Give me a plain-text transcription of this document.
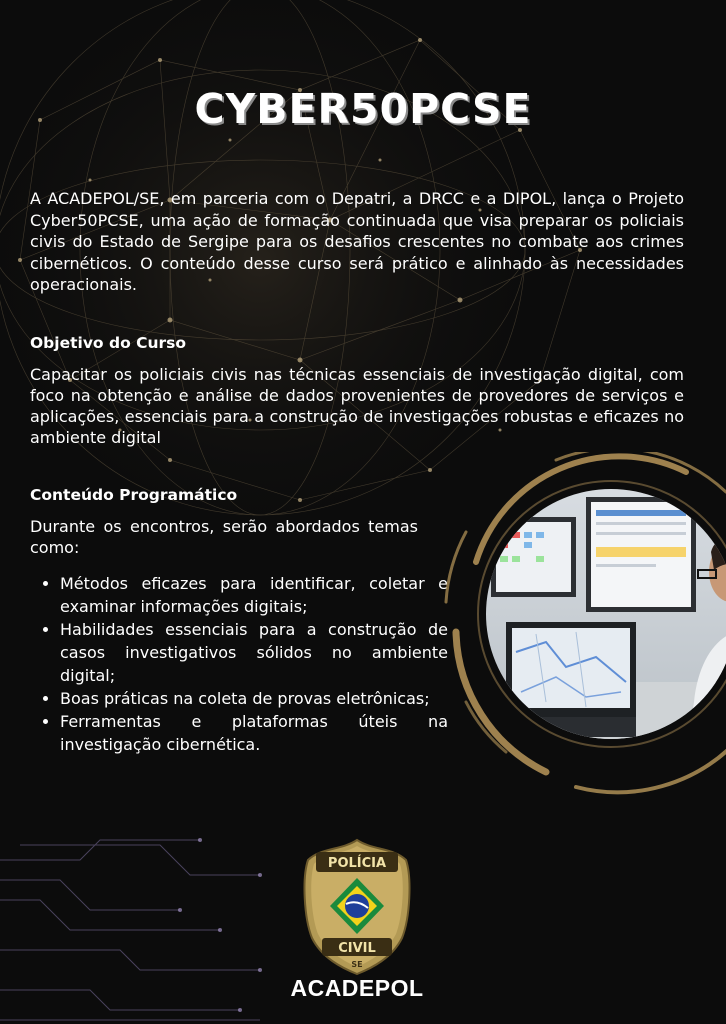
CYBER50PCSE

A ACADEPOL/SE, em parceria com o Depatri, a DRCC e a DIPOL, lança o Projeto Cyber50PCSE, uma ação de formação continuada que visa preparar os policiais civis do Estado de Sergipe para os desafios crescentes no combate aos crimes cibernéticos. O conteúdo desse curso será prático e alinhado às necessidades operacionais.

Objetivo do Curso

Capacitar os policiais civis nas técnicas essenciais de investigação digital, com foco na obtenção e análise de dados provenientes de provedores de serviços e aplicações, essenciais para a construção de investigações robustas e eficazes no ambiente digital

Conteúdo Programático

Durante os encontros, serão abordados temas como:

• Métodos eficazes para identificar, coletar e examinar informações digitais;
• Habilidades essenciais para a construção de casos investigativos sólidos no ambiente digital;
• Boas práticas na coleta de provas eletrônicas;
• Ferramentas e plataformas úteis na investigação cibernética.
POLÍCIA
CIVIL
SE
ACADEPOL
